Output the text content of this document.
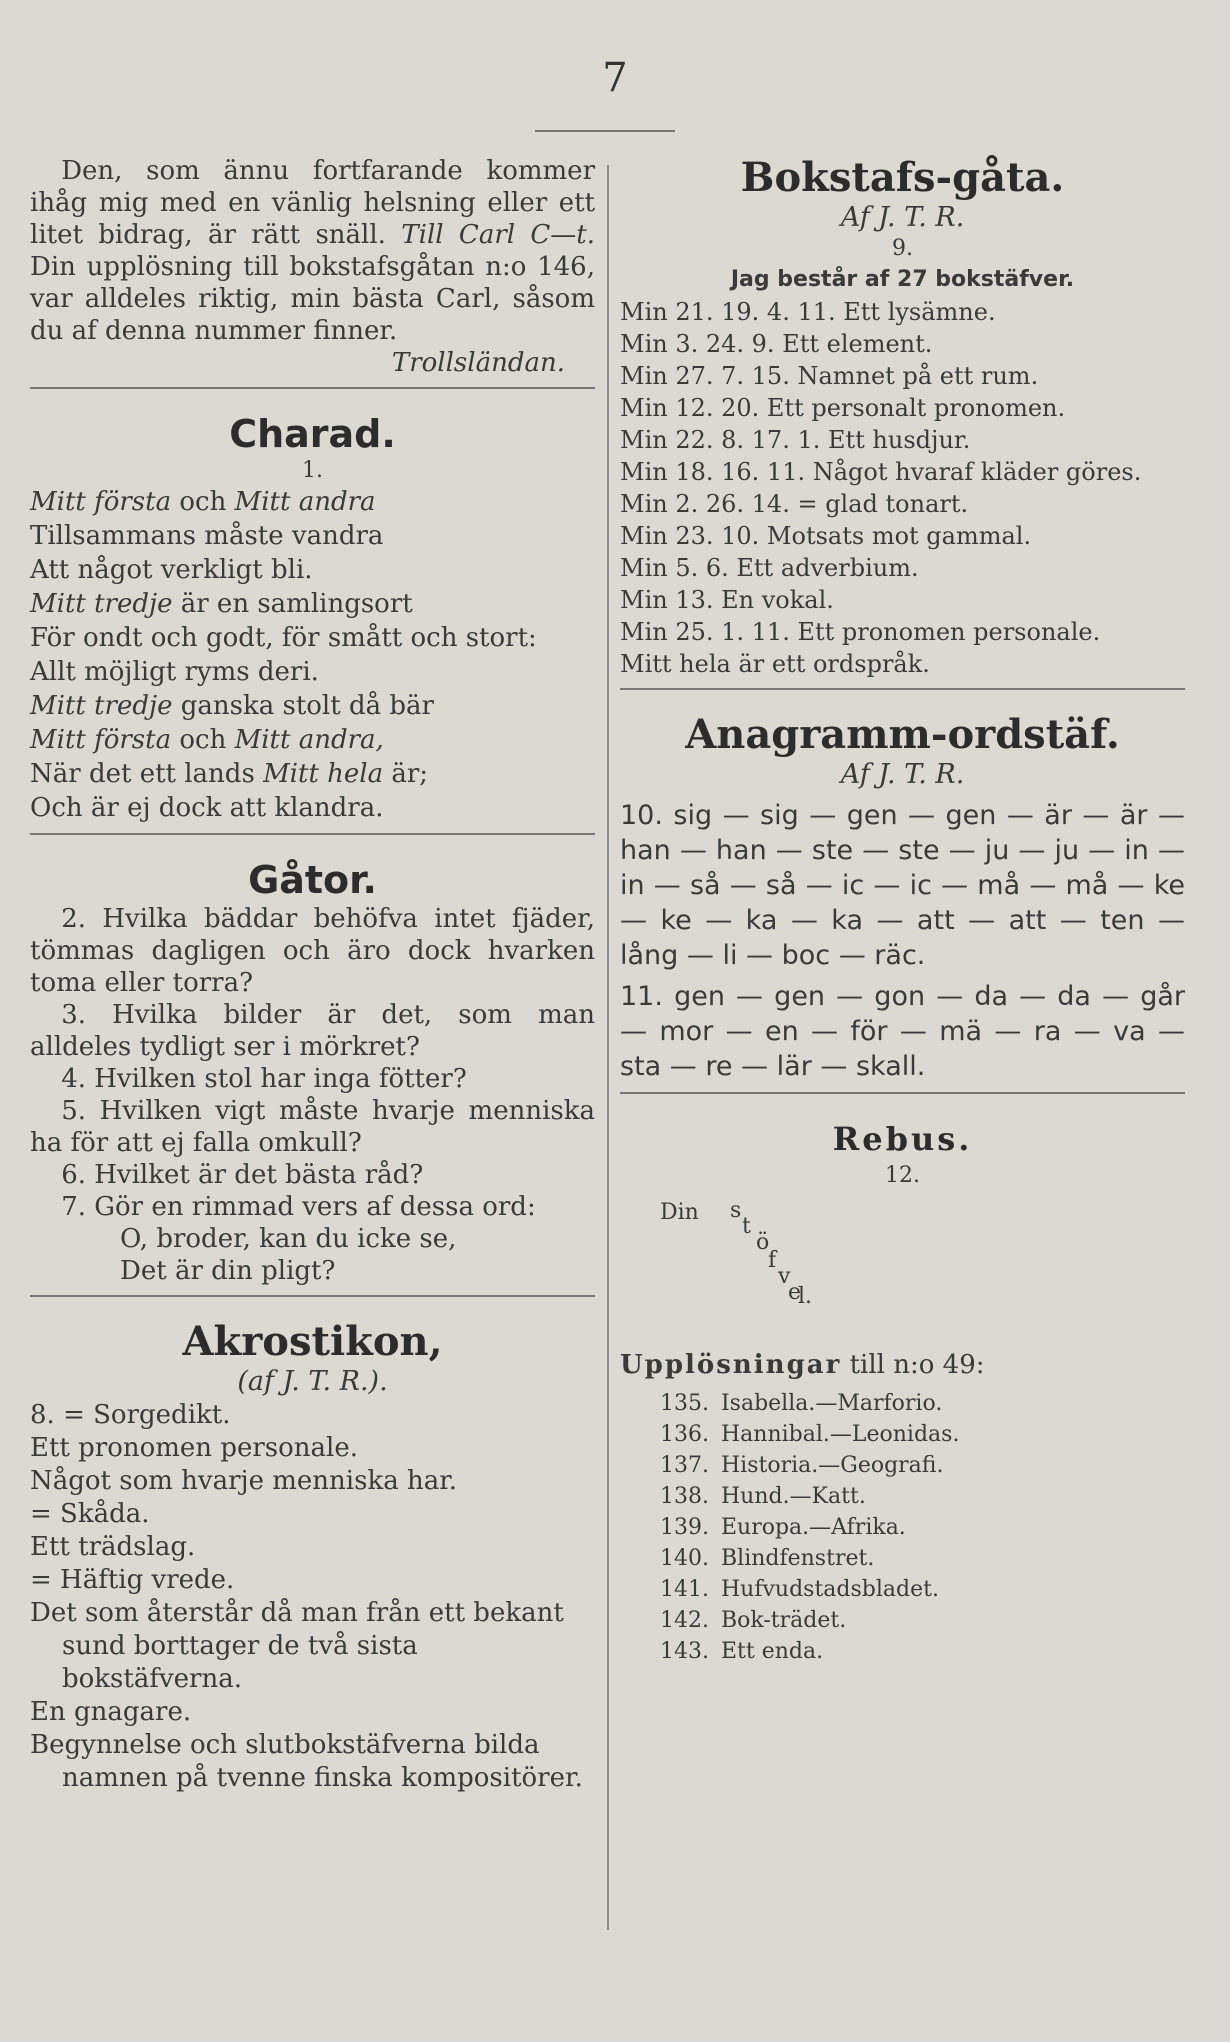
7

Den, som ännu fortfarande kommer ihåg mig med en vänlig helsning eller ett litet bidrag, är rätt snäll. Till Carl C—t. Din upplösning till bokstafsgåtan n:o 146, var alldeles riktig, min bästa Carl, såsom du af denna nummer finner.
Trollsländan.

Charad.

1.

Mitt första och Mitt andra
Tillsammans måste vandra
Att något verkligt bli.
Mitt tredje är en samlingsort
För ondt och godt, för smått och stort:
Allt möjligt ryms deri.
Mitt tredje ganska stolt då bär
Mitt första och Mitt andra,
När det ett lands Mitt hela är;
Och är ej dock att klandra.
Gåtor.

2. Hvilka bäddar behöfva intet fjäder, tömmas dagligen och äro dock hvarken toma eller torra?

3. Hvilka bilder är det, som man alldeles tydligt ser i mörkret?

4. Hvilken stol har inga fötter?

5. Hvilken vigt måste hvarje menniska ha för att ej falla omkull?

6. Hvilket är det bästa råd?

7. Gör en rimmad vers af dessa ord:

O, broder, kan du icke se,

Det är din pligt?

Akrostikon,

(af J. T. R.).

8. = Sorgedikt.
Ett pronomen personale.
Något som hvarje menniska har.
= Skåda.
Ett trädslag.
= Häftig vrede.
Det som återstår då man från ett bekant sund borttager de två sista bokstäfverna.
En gnagare.
Begynnelse och slutbokstäfverna bilda namnen på tvenne finska kompositörer.
Bokstafs-gåta.

Af J. T. R.

9.

Jag består af 27 bokstäfver.

Min 21. 19. 4. 11. Ett lysämne.
Min 3. 24. 9. Ett element.
Min 27. 7. 15. Namnet på ett rum.
Min 12. 20. Ett personalt pronomen.
Min 22. 8. 17. 1. Ett husdjur.
Min 18. 16. 11. Något hvaraf kläder göres.
Min 2. 26. 14. = glad tonart.
Min 23. 10. Motsats mot gammal.
Min 5. 6. Ett adverbium.
Min 13. En vokal.
Min 25. 1. 11. Ett pronomen personale.
Mitt hela är ett ordspråk.
Anagramm-ordstäf.

Af J. T. R.

10. sig — sig — gen — gen — är — är — han — han — ste — ste — ju — ju — in — in — så — så — ic — ic — må — må — ke — ke — ka — ka — att — att — ten — lång — li — boc — räc.

11. gen — gen — gon — da — da — går — mor — en — för — mä — ra — va — sta — re — lär — skall.

Rebus.

12.

Din s
t
ö
f
v
e
l.

Upplösningar till n:o 49:

135.	Isabella.—Marforio.
136.	Hannibal.—Leonidas.
137.	Historia.—Geografi.
138.	Hund.—Katt.
139.	Europa.—Afrika.
140.	Blindfenstret.
141.	Hufvudstadsbladet.
142.	Bok-trädet.
143.	Ett enda.
